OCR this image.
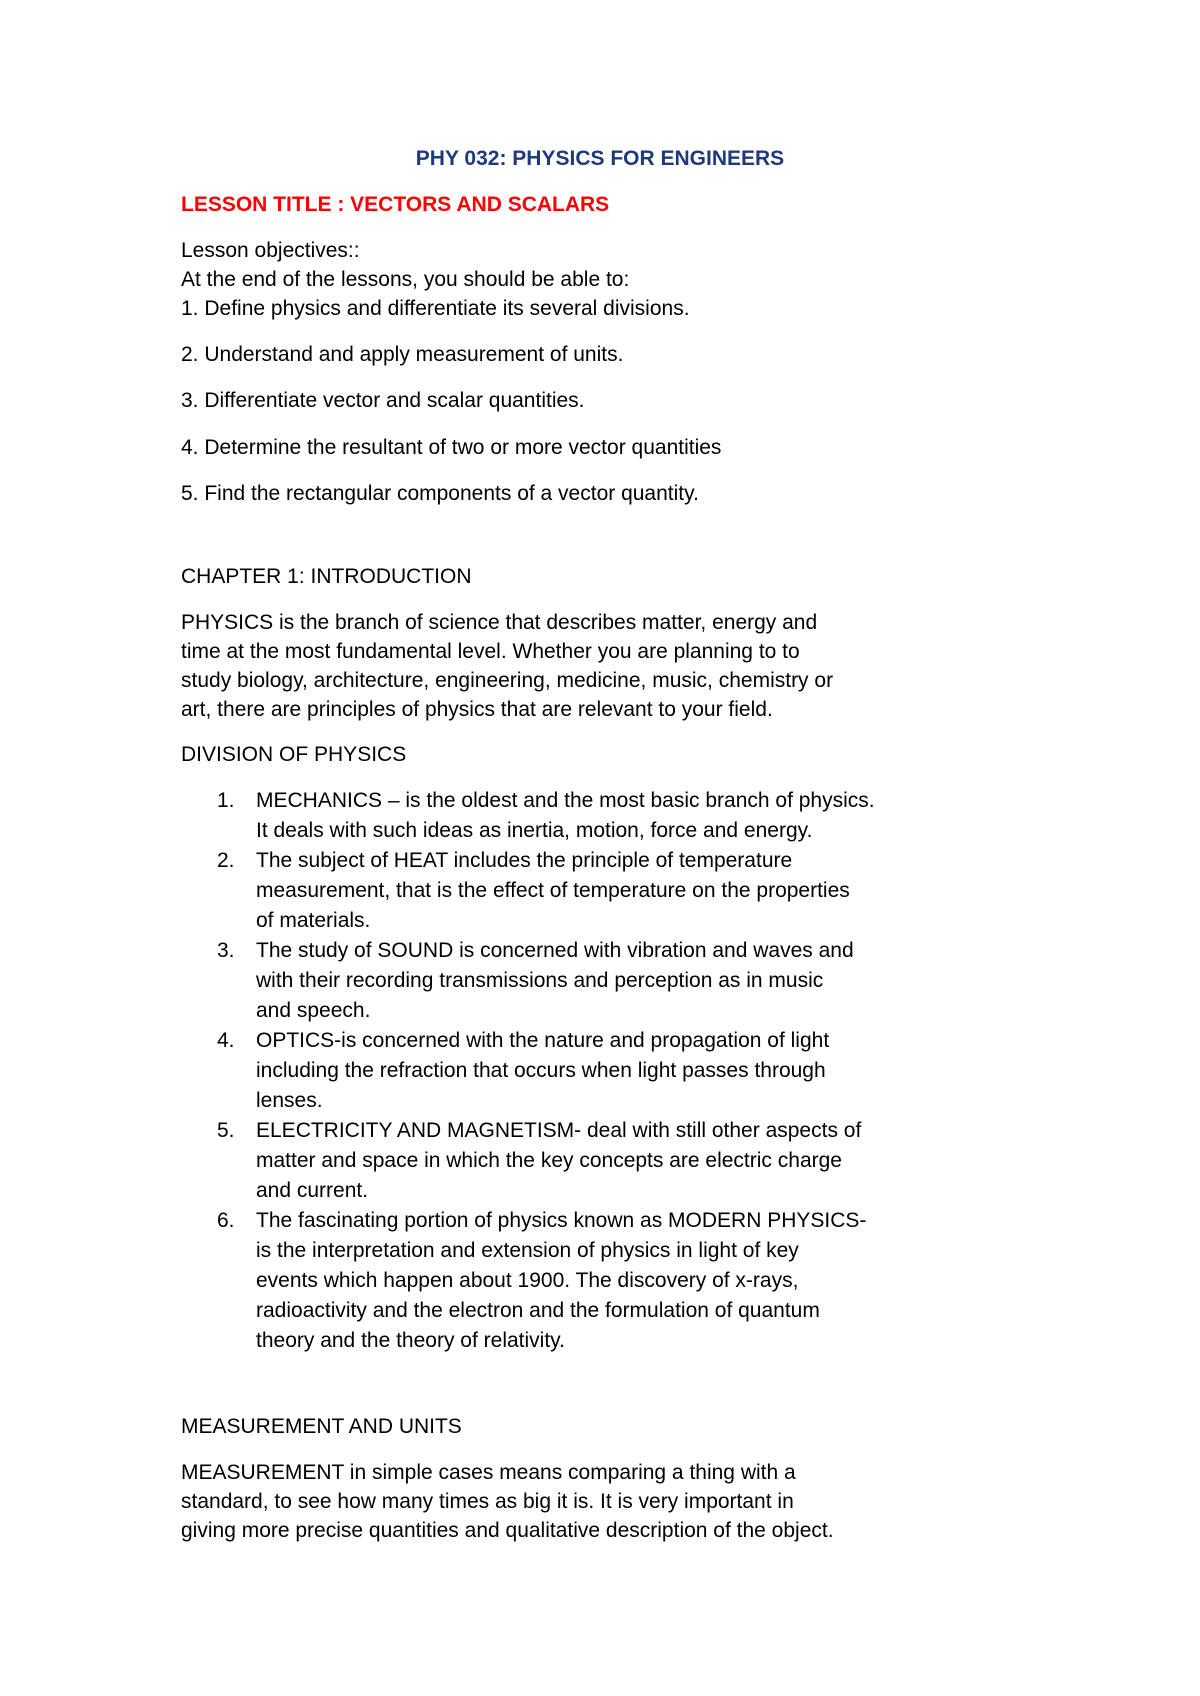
PHY 032: PHYSICS FOR ENGINEERS
LESSON TITLE : VECTORS AND SCALARS

Lesson objectives::

At the end of the lessons, you should be able to:

1. Define physics and differentiate its several divisions.

2. Understand and apply measurement of units.

3. Differentiate vector and scalar quantities.

4. Determine the resultant of two or more vector quantities

5. Find the rectangular components of a vector quantity.

CHAPTER 1: INTRODUCTION

PHYSICS is the branch of science that describes matter, energy and
time at the most fundamental level. Whether you are planning to to
study biology, architecture, engineering, medicine, music, chemistry or
art, there are principles of physics that are relevant to your field.

DIVISION OF PHYSICS

1. MECHANICS – is the oldest and the most basic branch of physics.
It deals with such ideas as inertia, motion, force and energy.
2. The subject of HEAT includes the principle of temperature
measurement, that is the effect of temperature on the properties
of materials.
3. The study of SOUND is concerned with vibration and waves and
with their recording transmissions and perception as in music
and speech.
4. OPTICS-is concerned with the nature and propagation of light
including the refraction that occurs when light passes through
lenses.
5. ELECTRICITY AND MAGNETISM- deal with still other aspects of
matter and space in which the key concepts are electric charge
and current.
6. The fascinating portion of physics known as MODERN PHYSICS-
is the interpretation and extension of physics in light of key
events which happen about 1900. The discovery of x-rays,
radioactivity and the electron and the formulation of quantum
theory and the theory of relativity.

MEASUREMENT AND UNITS

MEASUREMENT in simple cases means comparing a thing with a
standard, to see how many times as big it is. It is very important in
giving more precise quantities and qualitative description of the object.
